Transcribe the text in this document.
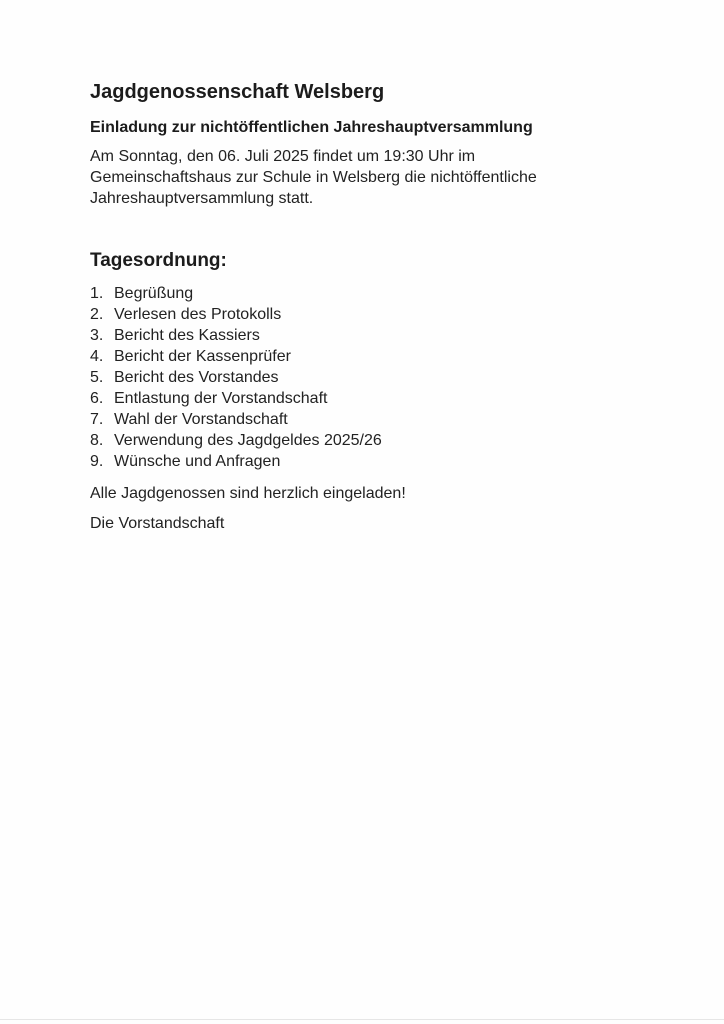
Jagdgenossenschaft Welsberg
Einladung zur nichtöffentlichen Jahreshauptversammlung

Am Sonntag, den 06. Juli 2025 findet um 19:30 Uhr im
Gemeinschaftshaus zur Schule in Welsberg die nichtöffentliche
Jahreshauptversammlung statt.

Tagesordnung:
1. Begrüßung
2. Verlesen des Protokolls
3. Bericht des Kassiers
4. Bericht der Kassenprüfer
5. Bericht des Vorstandes
6. Entlastung der Vorstandschaft
7. Wahl der Vorstandschaft
8. Verwendung des Jagdgeldes 2025/26
9. Wünsche und Anfragen

Alle Jagdgenossen sind herzlich eingeladen!

Die Vorstandschaft
